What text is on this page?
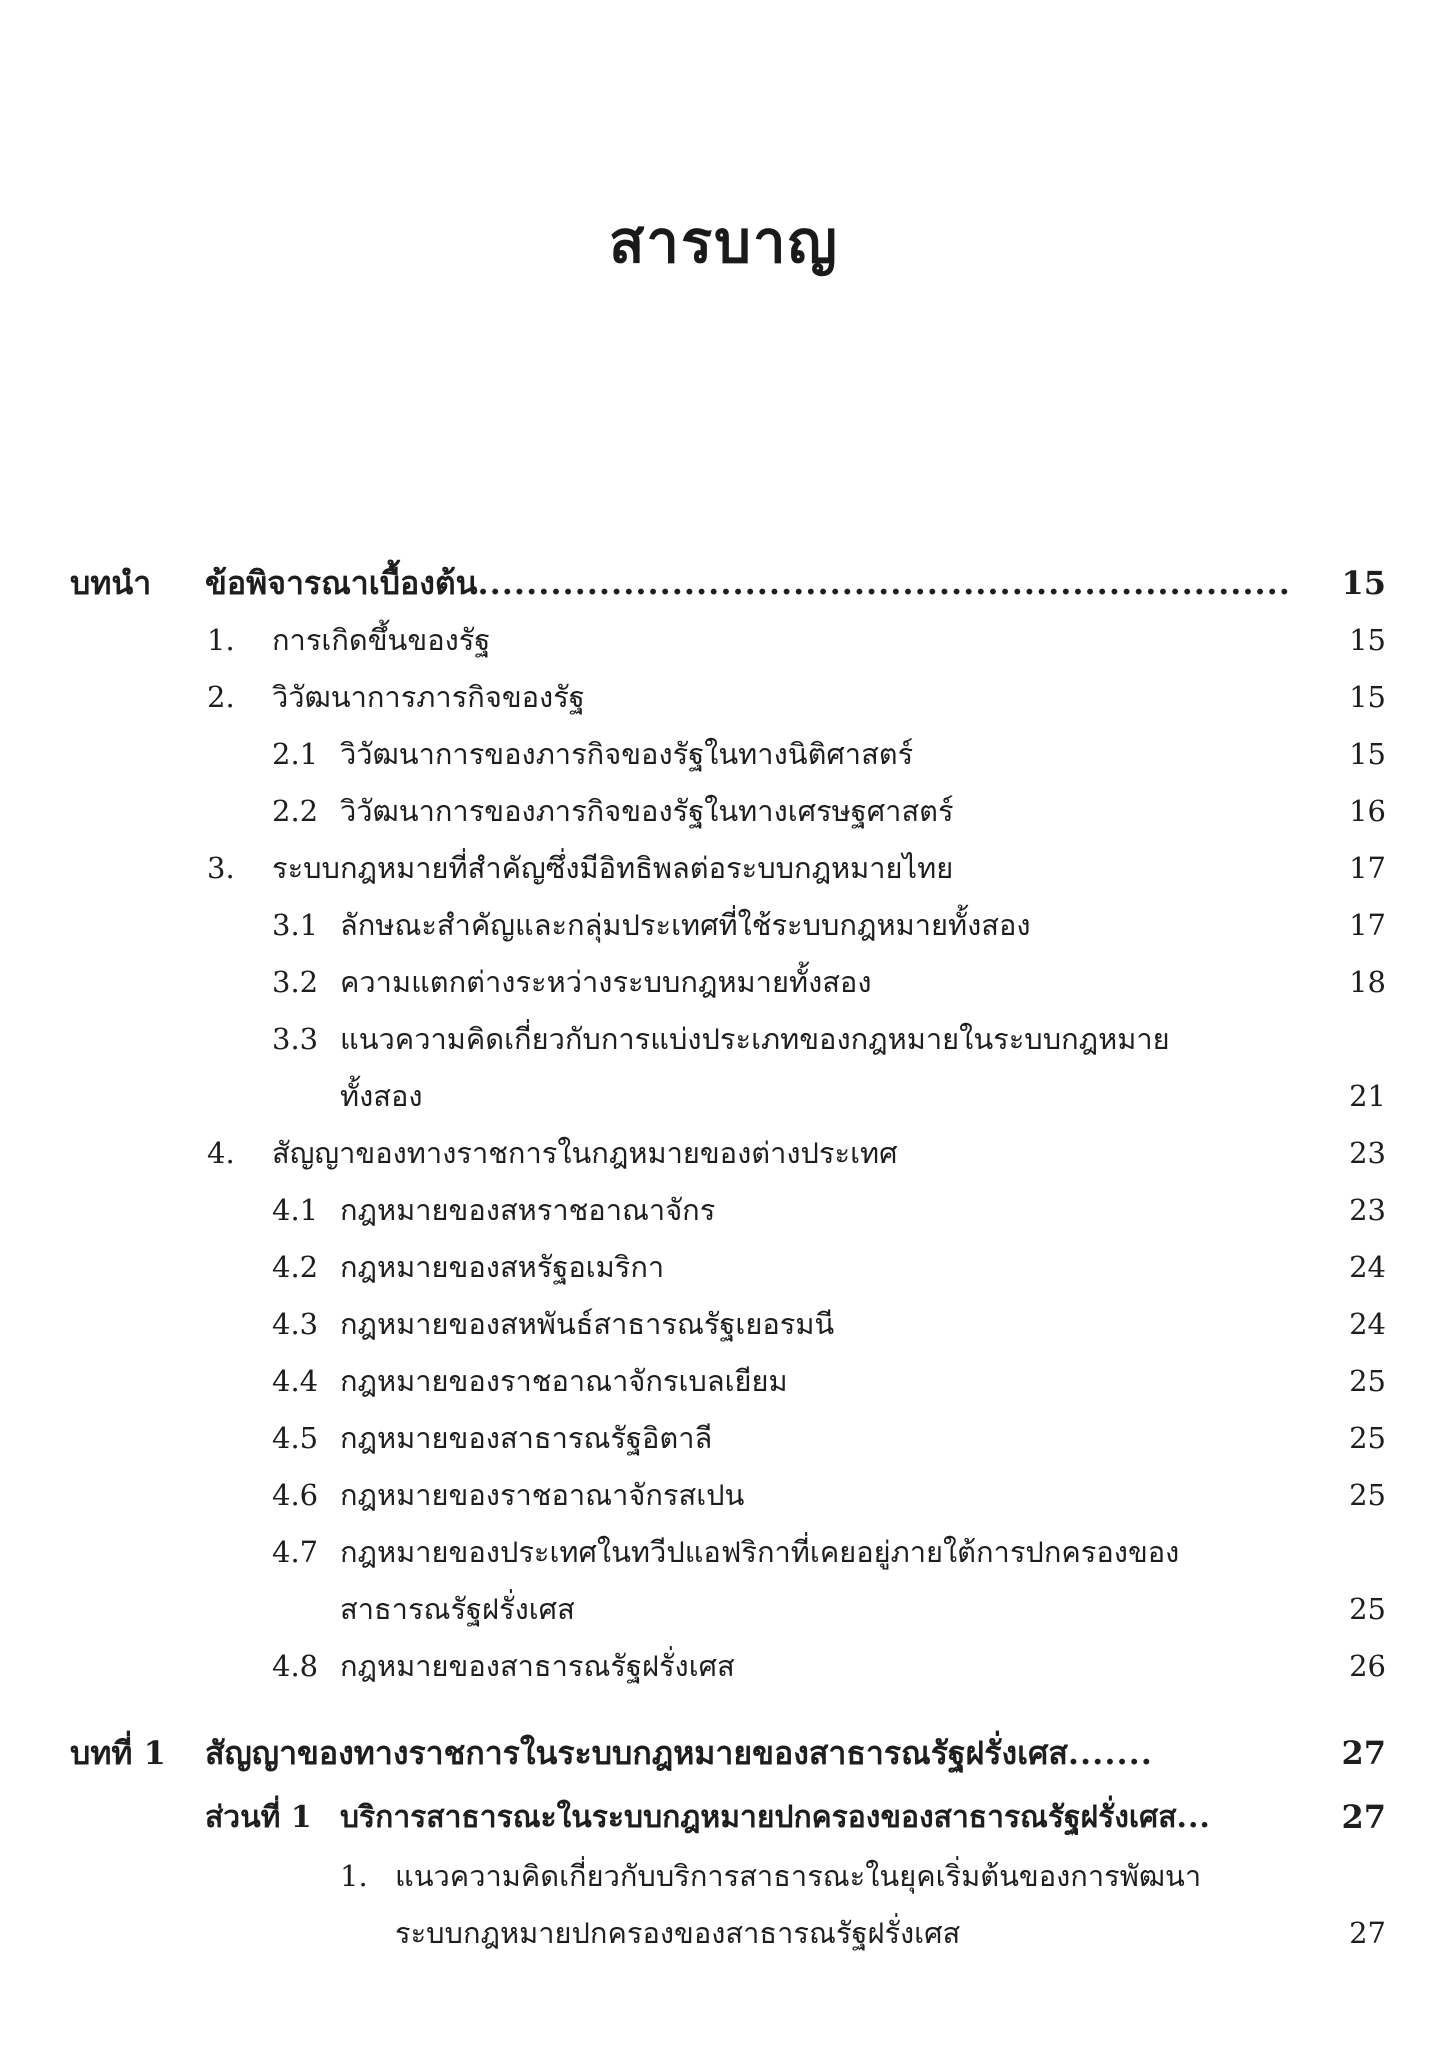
สารบาญ
บทนำ ข้อพิจารณาเบื้องต้น................................................................... 15
1. การเกิดขึ้นของรัฐ	15
2. วิวัฒนาการภารกิจของรัฐ	15
2.1 วิวัฒนาการของภารกิจของรัฐในทางนิติศาสตร์	15
2.2 วิวัฒนาการของภารกิจของรัฐในทางเศรษฐศาสตร์	16
3. ระบบกฎหมายที่สำคัญซึ่งมีอิทธิพลต่อระบบกฎหมายไทย	17
3.1 ลักษณะสำคัญและกลุ่มประเทศที่ใช้ระบบกฎหมายทั้งสอง	17
3.2 ความแตกต่างระหว่างระบบกฎหมายทั้งสอง	18
3.3 แนวความคิดเกี่ยวกับการแบ่งประเภทของกฎหมายในระบบกฎหมาย
ทั้งสอง	21
4. สัญญาของทางราชการในกฎหมายของต่างประเทศ	23
4.1 กฎหมายของสหราชอาณาจักร	23
4.2 กฎหมายของสหรัฐอเมริกา	24
4.3 กฎหมายของสหพันธ์สาธารณรัฐเยอรมนี	24
4.4 กฎหมายของราชอาณาจักรเบลเยียม	25
4.5 กฎหมายของสาธารณรัฐอิตาลี	25
4.6 กฎหมายของราชอาณาจักรสเปน	25
4.7 กฎหมายของประเทศในทวีปแอฟริกาที่เคยอยู่ภายใต้การปกครองของ
สาธารณรัฐฝรั่งเศส	25
4.8 กฎหมายของสาธารณรัฐฝรั่งเศส	26
บทที่ 1 สัญญาของทางราชการในระบบกฎหมายของสาธารณรัฐฝรั่งเศส.......	27
ส่วนที่ 1 บริการสาธารณะในระบบกฎหมายปกครองของสาธารณรัฐฝรั่งเศส...	27
1. แนวความคิดเกี่ยวกับบริการสาธารณะในยุคเริ่มต้นของการพัฒนา
ระบบกฎหมายปกครองของสาธารณรัฐฝรั่งเศส	27
